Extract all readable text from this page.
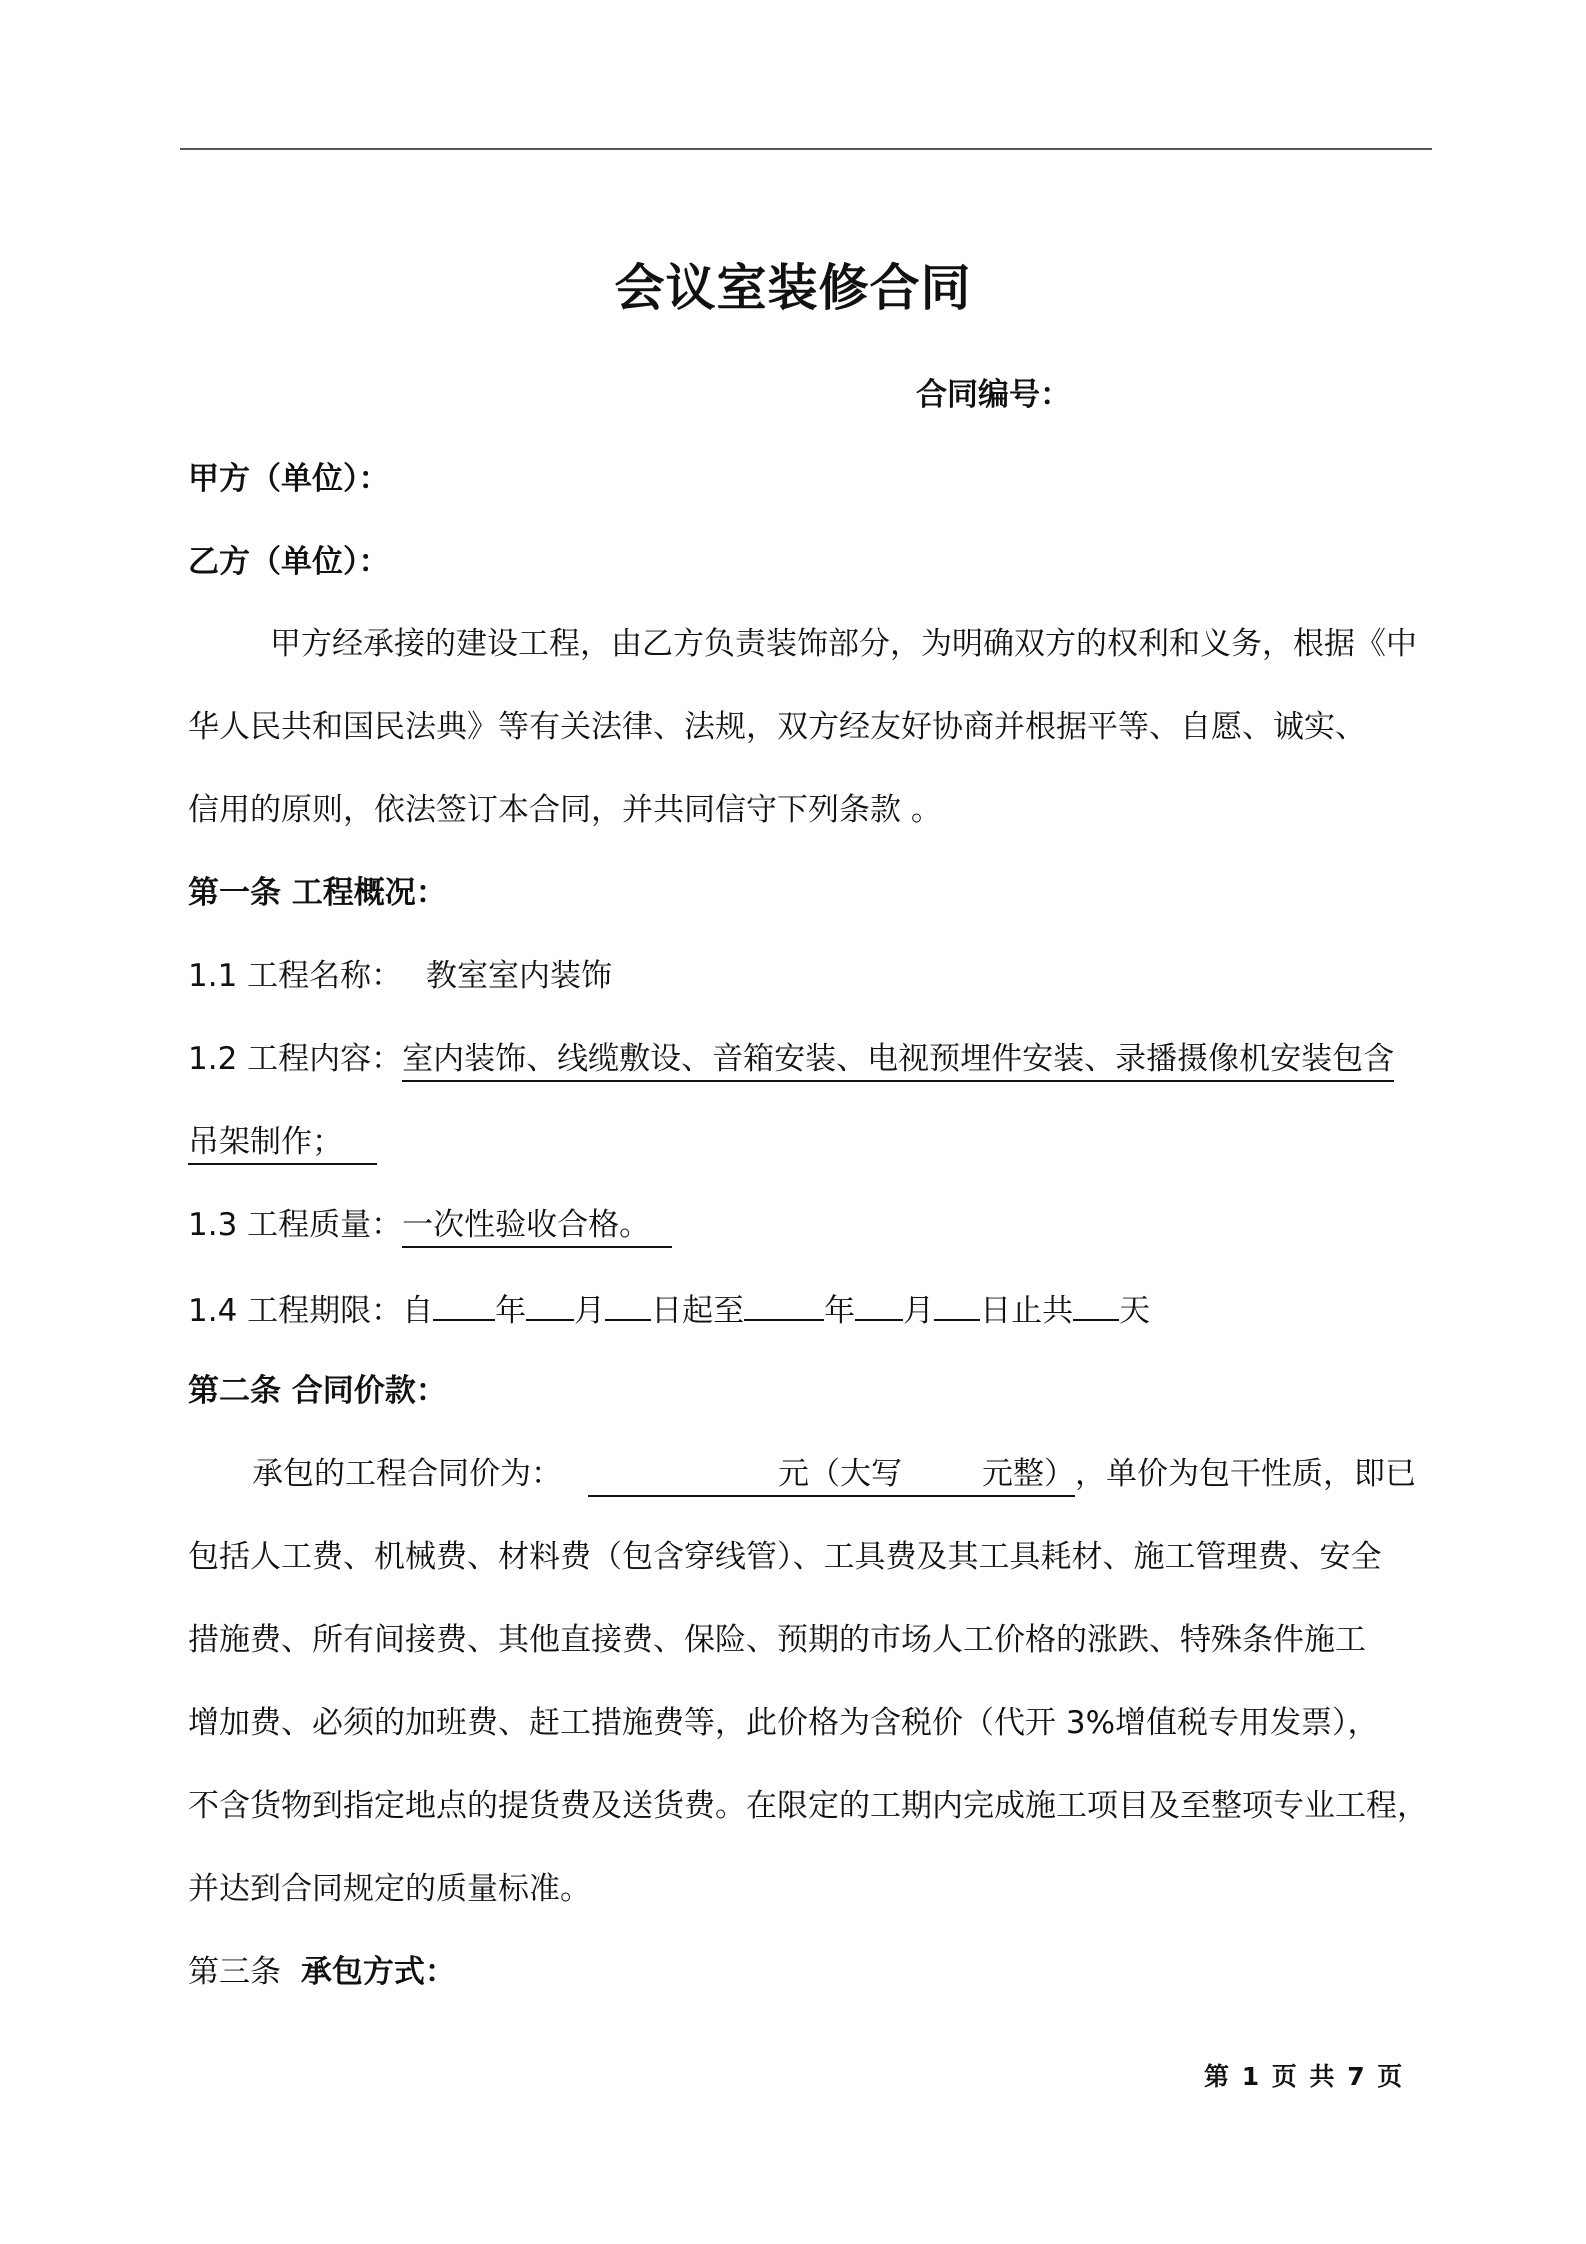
会议室装修合同
合同编号：
甲方（单位）：
乙方（单位）：
甲方经承接的建设工程，由乙方负责装饰部分，为明确双方的权利和义务，根据《中
华人民共和国民法典》等有关法律、法规，双方经友好协商并根据平等、自愿、诚实、
信用的原则，依法签订本合同，并共同信守下列条款 。
第一条 工程概况：
1.1 工程名称： 教室室内装饰
1.2 工程内容：室内装饰、线缆敷设、音箱安装、电视预埋件安装、录播摄像机安装包含
吊架制作；
1.3 工程质量：一次性验收合格。
1.4 工程期限：自 年 月 日起至	年 月 日止共 天
第二条 合同价款：
承包的工程合同价为：	元（大写	元整），单价为包干性质，即已
包括人工费、机械费、材料费（包含穿线管）、工具费及其工具耗材、施工管理费、安全
措施费、所有间接费、其他直接费、保险、预期的市场人工价格的涨跌、特殊条件施工
增加费、必须的加班费、赶工措施费等，此价格为含税价（代开 3%增值税专用发票），
不含货物到指定地点的提货费及送货费。在限定的工期内完成施工项目及至整项专业工程，
并达到合同规定的质量标准。
第三条 承包方式：
第 1 页 共 7 页
